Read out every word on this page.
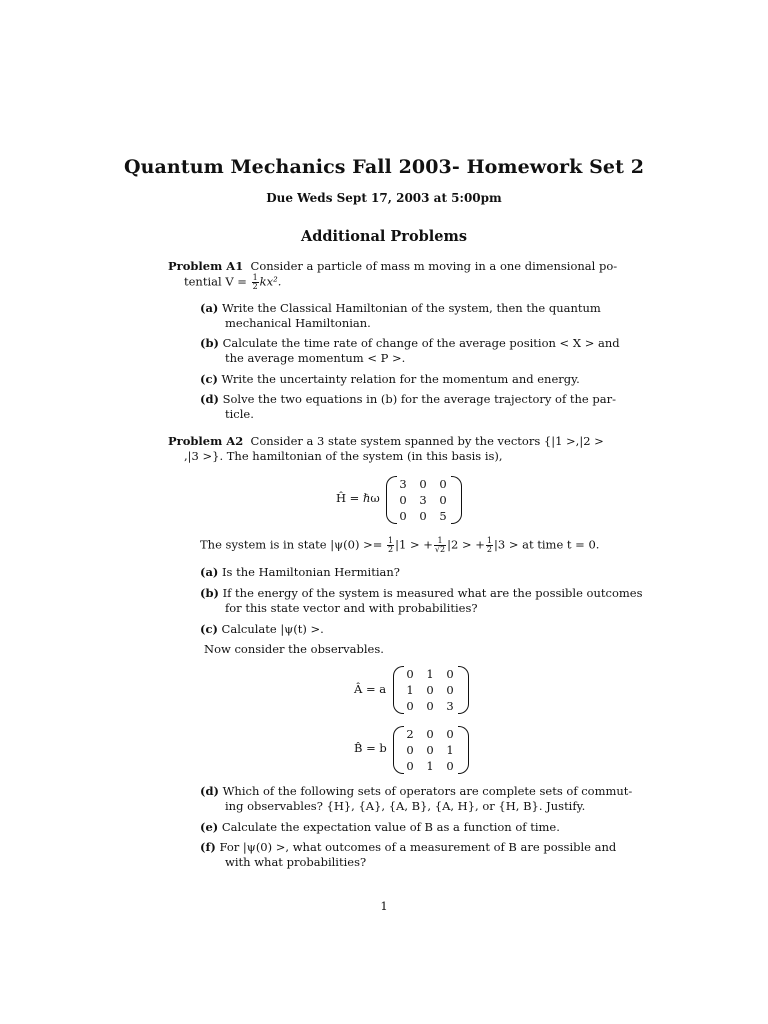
Quantum Mechanics Fall 2003- Homework Set 2
Due Weds Sept 17, 2003 at 5:00pm
Additional Problems
Problem A1 Consider a particle of mass m moving in a one dimensional po-
tential $V = \frac{1}{2} kx^2$.
(a) Write the Classical Hamiltonian of the system, then the quantum
mechanical Hamiltonian.
(b) Calculate the time rate of change of the average position < X > and
the average momentum < P >.
(c) Write the uncertainty relation for the momentum and energy.
(d) Solve the two equations in (b) for the average trajectory of the par-
ticle.
Problem A2 Consider a 3 state system spanned by the vectors {|1 >,|2 >
,|3 >}. The hamiltonian of the system (in this basis is),
Ĥ = ℏω
3	0	0
0	3	0
0	0	5
The system is in state $|\psi(0) >= \frac{1}{2} |1$ > + $\frac{1}{√2} |2$ > + $\frac{1}{2} |3$ > at time t = 0.
(a) Is the Hamiltonian Hermitian?
(b) If the energy of the system is measured what are the possible outcomes
for this state vector and with probabilities?
(c) Calculate |ψ(t) >.
Now consider the observables.
Â = a
0	1	0
1	0	0
0	0	3
B̂ = b
2	0	0
0	0	1
0	1	0
(d) Which of the following sets of operators are complete sets of commut-
ing observables? {H}, {A}, {A, B}, {A, H}, or {H, B}. Justify.
(e) Calculate the expectation value of B as a function of time.
(f) For |ψ(0) >, what outcomes of a measurement of B are possible and
with what probabilities?
1
